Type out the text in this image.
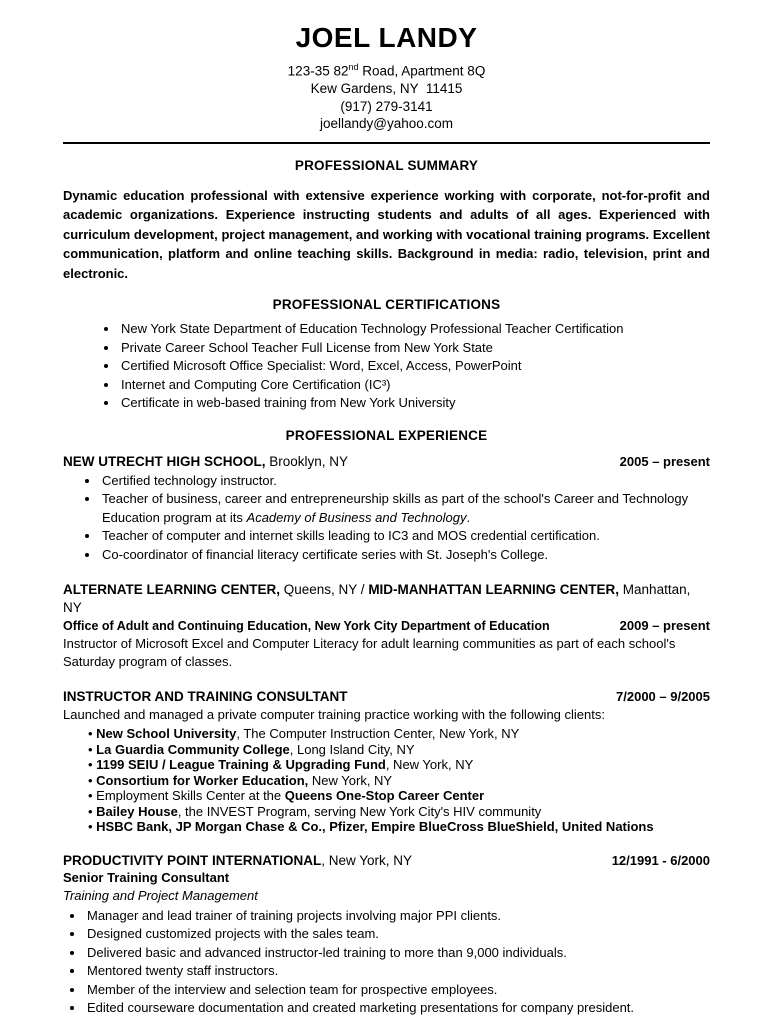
JOEL LANDY
123-35 82nd Road, Apartment 8Q
Kew Gardens, NY  11415
(917) 279-3141
joellandy@yahoo.com
PROFESSIONAL SUMMARY

Dynamic education professional with extensive experience working with corporate, not-for-profit and academic organizations. Experience instructing students and adults of all ages. Experienced with curriculum development, project management, and working with vocational training programs. Excellent communication, platform and online teaching skills. Background in media: radio, television, print and electronic.

PROFESSIONAL CERTIFICATIONS
• New York State Department of Education Technology Professional Teacher Certification
• Private Career School Teacher Full License from New York State
• Certified Microsoft Office Specialist: Word, Excel, Access, PowerPoint
• Internet and Computing Core Certification (IC³)
• Certificate in web-based training from New York University
PROFESSIONAL EXPERIENCE
NEW UTRECHT HIGH SCHOOL, Brooklyn, NY	2005 – present
• Certified technology instructor.
• Teacher of business, career and entrepreneurship skills as part of the school's Career and Technology Education program at its Academy of Business and Technology.
• Teacher of computer and internet skills leading to IC3 and MOS credential certification.
• Co-coordinator of financial literacy certificate series with St. Joseph's College.
ALTERNATE LEARNING CENTER, Queens, NY / MID-MANHATTAN LEARNING CENTER, Manhattan, NY
Office of Adult and Continuing Education, New York City Department of Education	2009 – present

Instructor of Microsoft Excel and Computer Literacy for adult learning communities as part of each school's Saturday program of classes.

INSTRUCTOR AND TRAINING CONSULTANT	7/2000 – 9/2005

Launched and managed a private computer training practice working with the following clients:

• New School University, The Computer Instruction Center, New York, NY
• La Guardia Community College, Long Island City, NY
• 1199 SEIU / League Training & Upgrading Fund, New York, NY
• Consortium for Worker Education, New York, NY
• Employment Skills Center at the Queens One-Stop Career Center
• Bailey House, the INVEST Program, serving New York City's HIV community
• HSBC Bank, JP Morgan Chase & Co., Pfizer, Empire BlueCross BlueShield, United Nations
PRODUCTIVITY POINT INTERNATIONAL, New York, NY	12/1991 - 6/2000
Senior Training Consultant
Training and Project Management
• Manager and lead trainer of training projects involving major PPI clients.
• Designed customized projects with the sales team.
• Delivered basic and advanced instructor-led training to more than 9,000 individuals.
• Mentored twenty staff instructors.
• Member of the interview and selection team for prospective employees.
• Edited courseware documentation and created marketing presentations for company president.
